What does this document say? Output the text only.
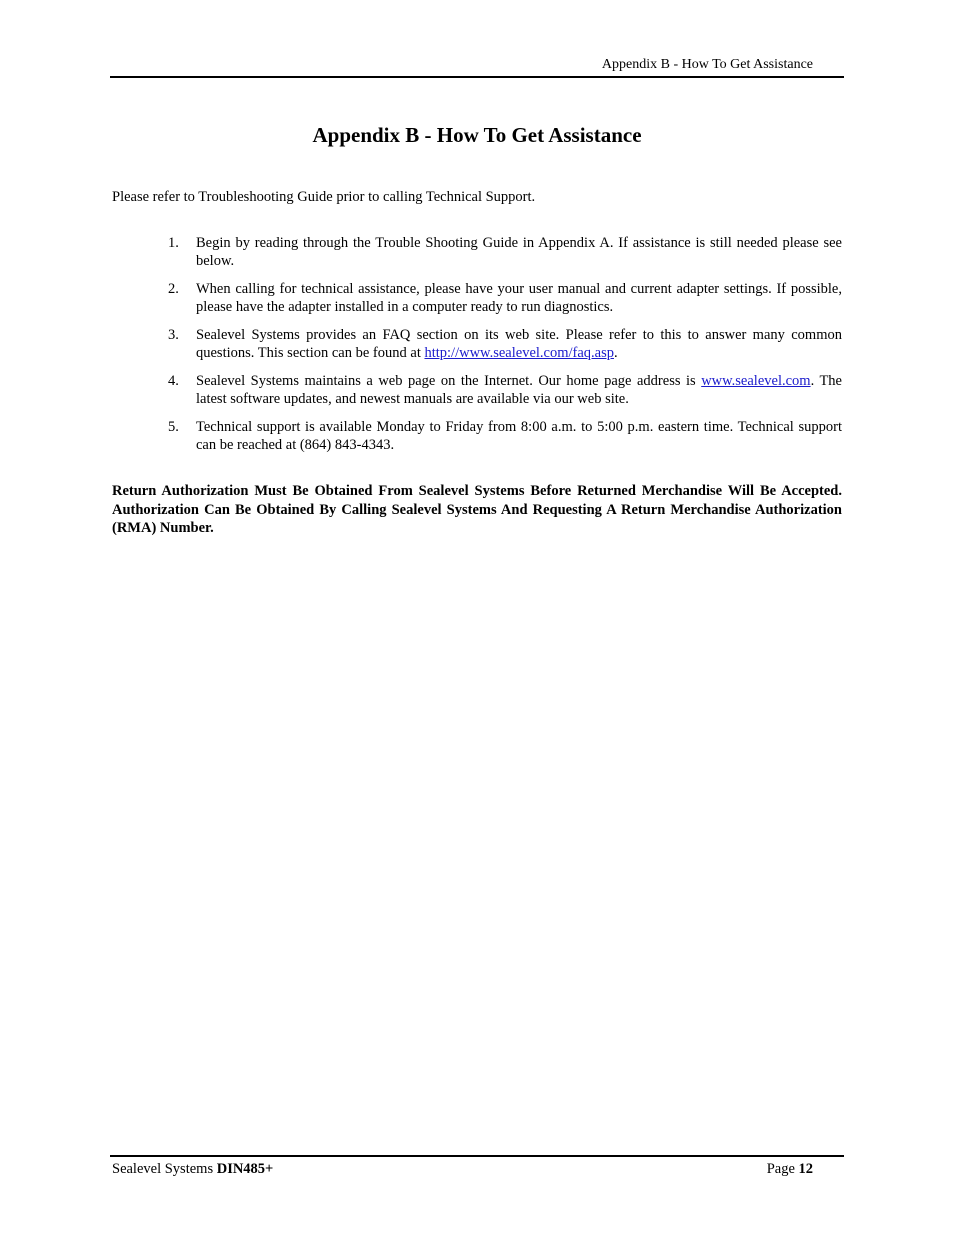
Appendix B - How To Get Assistance
Appendix B - How To Get Assistance

Please refer to Troubleshooting Guide prior to calling Technical Support.

1. Begin by reading through the Trouble Shooting Guide in Appendix A. If assistance is still needed please see below.
2. When calling for technical assistance, please have your user manual and current adapter settings. If possible, please have the adapter installed in a computer ready to run diagnostics.
3. Sealevel Systems provides an FAQ section on its web site. Please refer to this to answer many common questions. This section can be found at http://www.sealevel.com/faq.asp.
4. Sealevel Systems maintains a web page on the Internet. Our home page address is www.sealevel.com. The latest software updates, and newest manuals are available via our web site.
5. Technical support is available Monday to Friday from 8:00 a.m. to 5:00 p.m. eastern time. Technical support can be reached at (864) 843-4343.

Return Authorization Must Be Obtained From Sealevel Systems Before Returned Merchandise Will Be Accepted. Authorization Can Be Obtained By Calling Sealevel Systems And Requesting A Return Merchandise Authorization (RMA) Number.

Sealevel Systems DIN485+	Page 12
